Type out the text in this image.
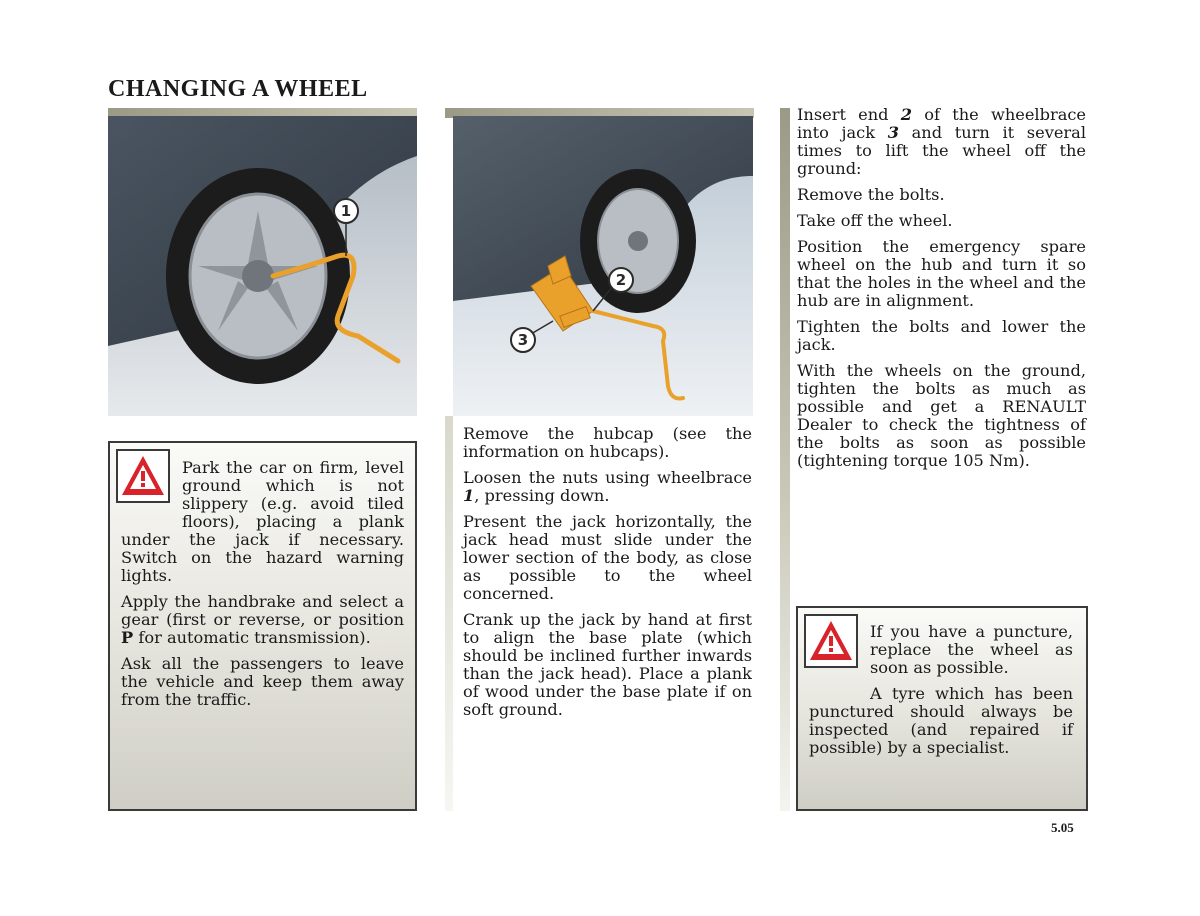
CHANGING A WHEEL
1

Park the car on firm, level ground which is not slippery (e.g. avoid tiled floors), placing a plank under the jack if necessary. Switch on the hazard warning lights.

Apply the handbrake and select a gear (first or reverse, or position P for automatic transmission).

Ask all the passengers to leave the vehicle and keep them away from the traffic.

2
3

Remove the hubcap (see the information on hubcaps).

Loosen the nuts using wheelbrace 1, pressing down.

Present the jack horizontally, the jack head must slide under the lower section of the body, as close as possible to the wheel concerned.

Crank up the jack by hand at first to align the base plate (which should be inclined further inwards than the jack head). Place a plank of wood under the base plate if on soft ground.

Insert end 2 of the wheelbrace into jack 3 and turn it several times to lift the wheel off the ground:

Remove the bolts.

Take off the wheel.

Position the emergency spare wheel on the hub and turn it so that the holes in the wheel and the hub are in alignment.

Tighten the bolts and lower the jack.

With the wheels on the ground, tighten the bolts as much as possible and get a RENAULT Dealer to check the tightness of the bolts as soon as possible (tightening torque 105 Nm).

If you have a puncture, replace the wheel as soon as possible.

A tyre which has been punctured should always be inspected (and repaired if possible) by a specialist.

5.05
